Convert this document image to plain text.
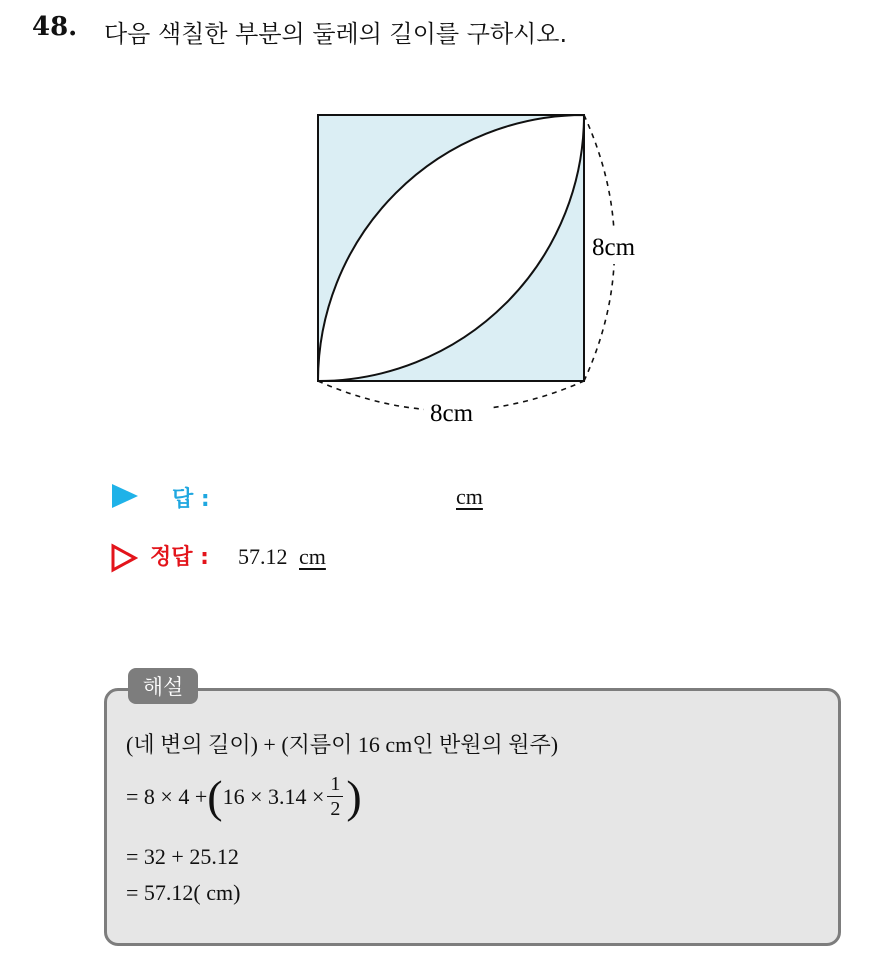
48. 다음 색칠한 부분의 둘레의 길이를 구하시오.
8cm
8cm
답 :	cm
정답 : 57.12 cm
해설
(네 변의 길이) + (지름이 16 cm인 반원의 원주)
= 8 × 4 + ( $16 \times 3.14 \times \frac{1}{2}$ )
= 32 + 25.12
= 57.12( cm)
